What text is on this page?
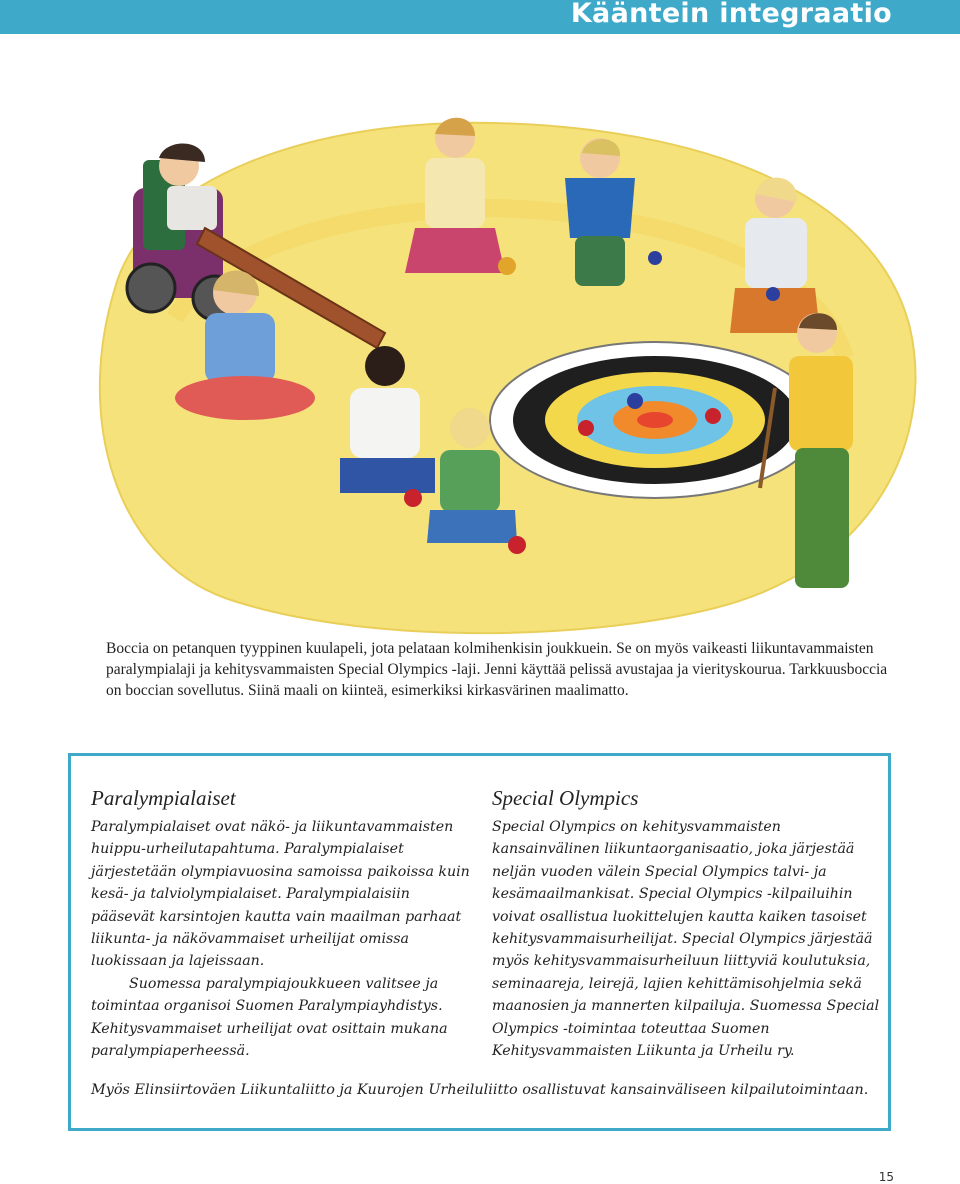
Kääntein integraatio
Boccia on petanquen tyyppinen kuulapeli, jota pelataan kolmihenkisin joukkuein. Se on myös vaikeasti liikuntavammaisten paralympialaji ja kehitysvammaisten Special Olympics -laji. Jenni käyttää pelissä avustajaa ja vierityskourua. Tarkkuusboccia on boccian sovellutus. Siinä maali on kiinteä, esimerkiksi kirkasvärinen maalimatto.
Paralympialaiset

Paralympialaiset ovat näkö- ja liikuntavammaisten huippu-urheilutapahtuma. Paralympialaiset järjestetään olympiavuosina samoissa paikoissa kuin kesä- ja talviolympialaiset. Paralympialaisiin pääsevät karsintojen kautta vain maailman parhaat liikunta- ja näkövammaiset urheilijat omissa luokissaan ja lajeissaan.

Suomessa paralympiajoukkueen valitsee ja toimintaa organisoi Suomen Paralympiayhdistys. Kehitysvammaiset urheilijat ovat osittain mukana paralympiaperheessä.

Special Olympics

Special Olympics on kehitysvammaisten kansainvälinen liikuntaorganisaatio, joka järjestää neljän vuoden välein Special Olympics talvi- ja kesämaailmankisat. Special Olympics -kilpailuihin voivat osallistua luokittelujen kautta kaiken tasoiset kehitysvammaisurheilijat. Special Olympics järjestää myös kehitysvammaisurheiluun liittyviä koulutuksia, seminaareja, leirejä, lajien kehittämisohjelmia sekä maanosien ja mannerten kilpailuja. Suomessa Special Olympics -toimintaa toteuttaa Suomen Kehitysvammaisten Liikunta ja Urheilu ry.

Myös Elinsiirtoväen Liikuntaliitto ja Kuurojen Urheiluliitto osallistuvat kansainväliseen kilpailutoimintaan.
15
